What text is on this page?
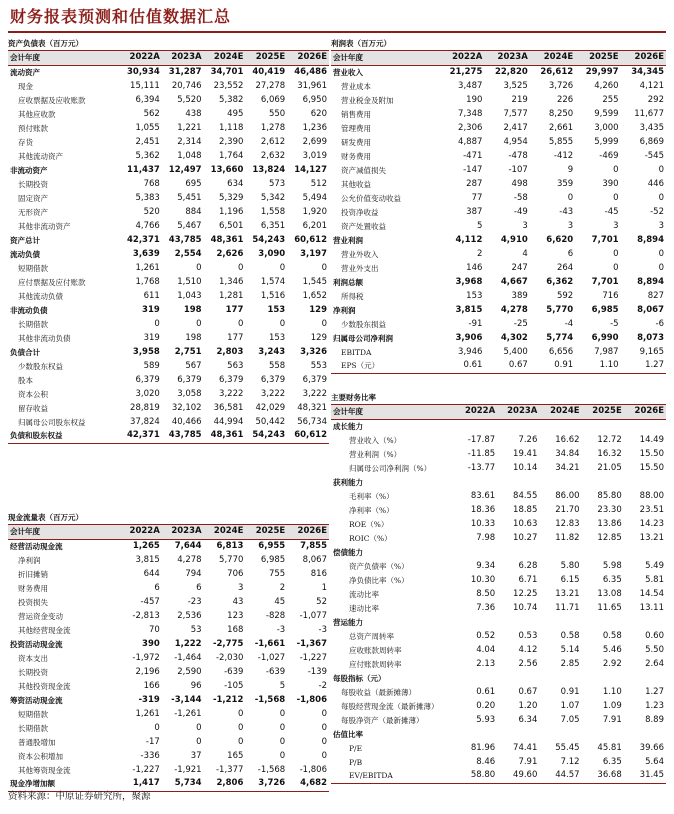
财务报表预测和估值数据汇总
资产负债表（百万元）
会计年度	2022A	2023A	2024E	2025E	2026E
流动资产	30,934	31,287	34,701	40,419	46,486
现金	15,111	20,746	23,552	27,278	31,961
应收票据及应收账款	6,394	5,520	5,382	6,069	6,950
其他应收款	562	438	495	550	620
预付账款	1,055	1,221	1,118	1,278	1,236
存货	2,451	2,314	2,390	2,612	2,699
其他流动资产	5,362	1,048	1,764	2,632	3,019
非流动资产	11,437	12,497	13,660	13,824	14,127
长期投资	768	695	634	573	512
固定资产	5,383	5,451	5,329	5,342	5,494
无形资产	520	884	1,196	1,558	1,920
其他非流动资产	4,766	5,467	6,501	6,351	6,201
资产总计	42,371	43,785	48,361	54,243	60,612
流动负债	3,639	2,554	2,626	3,090	3,197
短期借款	1,261	0	0	0	0
应付票据及应付账款	1,768	1,510	1,346	1,574	1,545
其他流动负债	611	1,043	1,281	1,516	1,652
非流动负债	319	198	177	153	129
长期借款	0	0	0	0	0
其他非流动负债	319	198	177	153	129
负债合计	3,958	2,751	2,803	3,243	3,326
少数股东权益	589	567	563	558	553
股本	6,379	6,379	6,379	6,379	6,379
资本公积	3,020	3,058	3,222	3,222	3,222
留存收益	28,819	32,102	36,581	42,029	48,321
归属母公司股东权益	37,824	40,466	44,994	50,442	56,734
负债和股东权益	42,371	43,785	48,361	54,243	60,612
现金流量表（百万元）
会计年度	2022A	2023A	2024E	2025E	2026E
经营活动现金流	1,265	7,644	6,813	6,955	7,855
净利润	3,815	4,278	5,770	6,985	8,067
折旧摊销	644	794	706	755	816
财务费用	6	6	3	2	1
投资损失	-457	-23	43	45	52
营运资金变动	-2,813	2,536	123	-828	-1,077
其他经营现金流	70	53	168	-3	-3
投资活动现金流	390	1,222	-2,775	-1,661	-1,367
资本支出	-1,972	-1,464	-2,030	-1,027	-1,227
长期投资	2,196	2,590	-639	-639	-139
其他投资现金流	166	96	-105	5	-2
筹资活动现金流	-319	-3,144	-1,212	-1,568	-1,806
短期借款	1,261	-1,261	0	0	0
长期借款	0	0	0	0	0
普通股增加	-17	0	0	0	0
资本公积增加	-336	37	165	0	0
其他筹资现金流	-1,227	-1,921	-1,377	-1,568	-1,806
现金净增加额	1,417	5,734	2,806	3,726	4,682
利润表（百万元）
会计年度	2022A	2023A	2024E	2025E	2026E
营业收入	21,275	22,820	26,612	29,997	34,345
营业成本	3,487	3,525	3,726	4,260	4,121
营业税金及附加	190	219	226	255	292
销售费用	7,348	7,577	8,250	9,599	11,677
管理费用	2,306	2,417	2,661	3,000	3,435
研发费用	4,887	4,954	5,855	5,999	6,869
财务费用	-471	-478	-412	-469	-545
资产减值损失	-147	-107	9	0	0
其他收益	287	498	359	390	446
公允价值变动收益	77	-58	0	0	0
投资净收益	387	-49	-43	-45	-52
资产处置收益	5	3	3	3	3
营业利润	4,112	4,910	6,620	7,701	8,894
营业外收入	2	4	6	0	0
营业外支出	146	247	264	0	0
利润总额	3,968	4,667	6,362	7,701	8,894
所得税	153	389	592	716	827
净利润	3,815	4,278	5,770	6,985	8,067
少数股东损益	-91	-25	-4	-5	-6
归属母公司净利润	3,906	4,302	5,774	6,990	8,073
EBITDA	3,946	5,400	6,656	7,987	9,165
EPS（元）	0.61	0.67	0.91	1.10	1.27
主要财务比率
会计年度	2022A	2023A	2024E	2025E	2026E
成长能力					
营业收入（%）	-17.87	7.26	16.62	12.72	14.49
营业利润（%）	-11.85	19.41	34.84	16.32	15.50
归属母公司净利润（%）	-13.77	10.14	34.21	21.05	15.50
获利能力					
毛利率（%）	83.61	84.55	86.00	85.80	88.00
净利率（%）	18.36	18.85	21.70	23.30	23.51
ROE（%）	10.33	10.63	12.83	13.86	14.23
ROIC（%）	7.98	10.27	11.82	12.85	13.21
偿债能力					
资产负债率（%）	9.34	6.28	5.80	5.98	5.49
净负债比率（%）	10.30	6.71	6.15	6.35	5.81
流动比率	8.50	12.25	13.21	13.08	14.54
速动比率	7.36	10.74	11.71	11.65	13.11
营运能力					
总资产周转率	0.52	0.53	0.58	0.58	0.60
应收账款周转率	4.04	4.12	5.14	5.46	5.50
应付账款周转率	2.13	2.56	2.85	2.92	2.64
每股指标（元）					
每股收益（最新摊薄）	0.61	0.67	0.91	1.10	1.27
每股经营现金流（最新摊薄）	0.20	1.20	1.07	1.09	1.23
每股净资产（最新摊薄）	5.93	6.34	7.05	7.91	8.89
估值比率					
P/E	81.96	74.41	55.45	45.81	39.66
P/B	8.46	7.91	7.12	6.35	5.64
EV/EBITDA	58.80	49.60	44.57	36.68	31.45
资料来源：中原证券研究所，聚源
